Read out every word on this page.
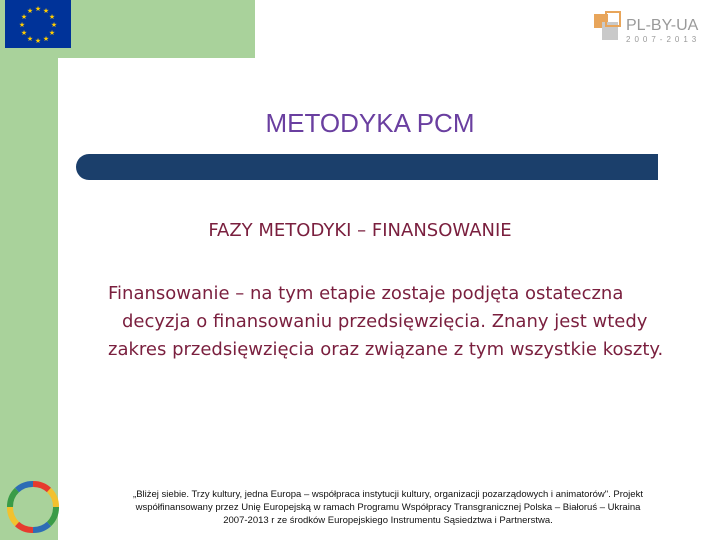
★ ★
★
★
★
★
★
★
★
★
★
★
PL-BY-UA
2007-2013
METODYKA PCM
FAZY METODYKI – FINANSOWANIE
Finansowanie – na tym etapie zostaje podjęta ostateczna
decyzja o finansowaniu przedsięwzięcia. Znany jest wtedy
zakres przedsięwzięcia oraz związane z tym wszystkie koszty.
„Bliżej siebie. Trzy kultury, jedna Europa – współpraca instytucji kultury, organizacji pozarządowych i animatorów". Projekt
współfinansowany przez Unię Europejską w ramach Programu Współpracy Transgranicznej Polska – Białoruś – Ukraina
2007-2013 r ze środków Europejskiego Instrumentu Sąsiedztwa i Partnerstwa.
